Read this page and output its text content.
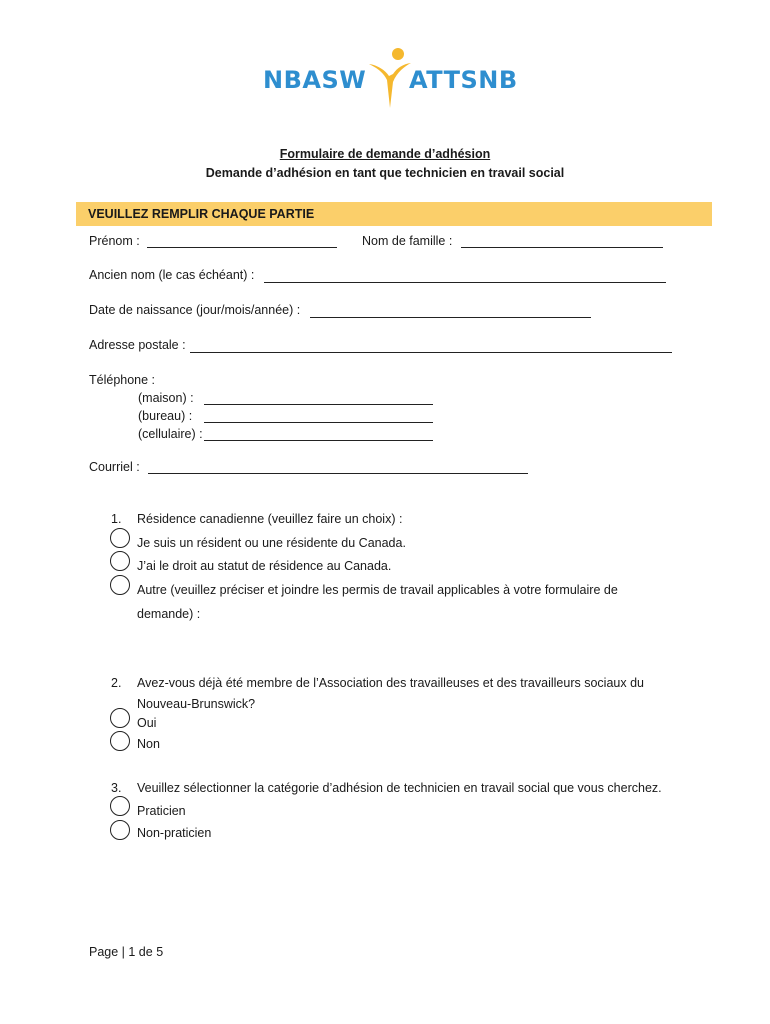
NBASW ATTSNB
Formulaire de demande d’adhésion
Demande d’adhésion en tant que technicien en travail social
VEUILLEZ REMPLIR CHAQUE PARTIE
Prénom :	Nom de famille :
Ancien nom (le cas échéant) :
Date de naissance (jour/mois/année) :
Adresse postale :
Téléphone :
(maison) :
(bureau) :
(cellulaire) :
Courriel :
1. Résidence canadienne (veuillez faire un choix) :
Je suis un résident ou une résidente du Canada.
J’ai le droit au statut de résidence au Canada.
Autre (veuillez préciser et joindre les permis de travail applicables à votre formulaire de
demande) :
2. Avez-vous déjà été membre de l’Association des travailleuses et des travailleurs sociaux du
Nouveau-Brunswick?
Oui
Non
3. Veuillez sélectionner la catégorie d’adhésion de technicien en travail social que vous cherchez.
Praticien
Non-praticien
Page | 1 de 5
